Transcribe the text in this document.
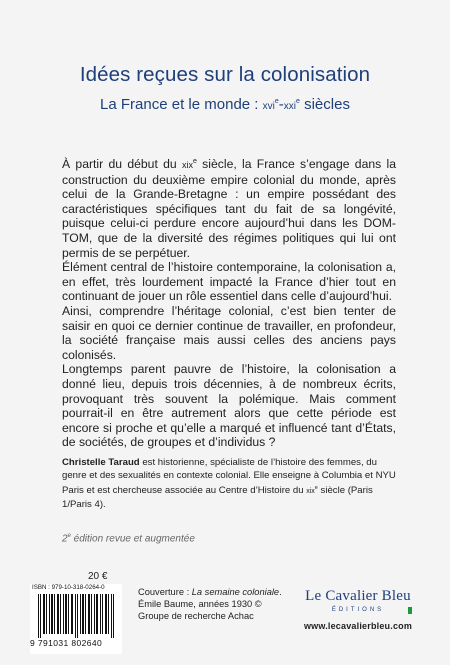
Idées reçues sur la colonisation
La France et le monde : xvi$^e$-xxi$^e$ siècles

À partir du début du xix$^e$ siècle, la France s’engage dans la construction du deuxième empire colonial du monde, après celui de la Grande-Bretagne : un empire possédant des caractéristiques spécifiques tant du fait de sa longévité, puisque celui-ci perdure encore aujourd’hui dans les DOM-TOM, que de la diversité des régimes politiques qui lui ont permis de se perpétuer.

Élément central de l’histoire contemporaine, la colonisation a, en effet, très lourdement impacté la France d’hier tout en continuant de jouer un rôle essentiel dans celle d’aujourd’hui.

Ainsi, comprendre l’héritage colonial, c’est bien tenter de saisir en quoi ce dernier continue de travailler, en profondeur, la société française mais aussi celles des anciens pays colonisés.

Longtemps parent pauvre de l’histoire, la colonisation a donné lieu, depuis trois décennies, à de nombreux écrits, provoquant très souvent la polémique. Mais comment pourrait-il en être autrement alors que cette période est encore si proche et qu’elle a marqué et influencé tant d’États, de sociétés, de groupes et d’individus ?

Christelle Taraud est historienne, spécialiste de l’histoire des femmes, du genre et des sexualités en contexte colonial. Elle enseigne à Columbia et NYU Paris et est chercheuse associée au Centre d’Histoire du xix$^e$ siècle (Paris 1/Paris 4).
2e édition revue et augmentée
20 €
ISBN : 979-10-318-0264-0
9 791031 802640
Couverture : La semaine coloniale. Émile Baume, années 1930 © Groupe de recherche Achac
Le Cavalier Bleu
ÉDITIONS
www.lecavalierbleu.com
